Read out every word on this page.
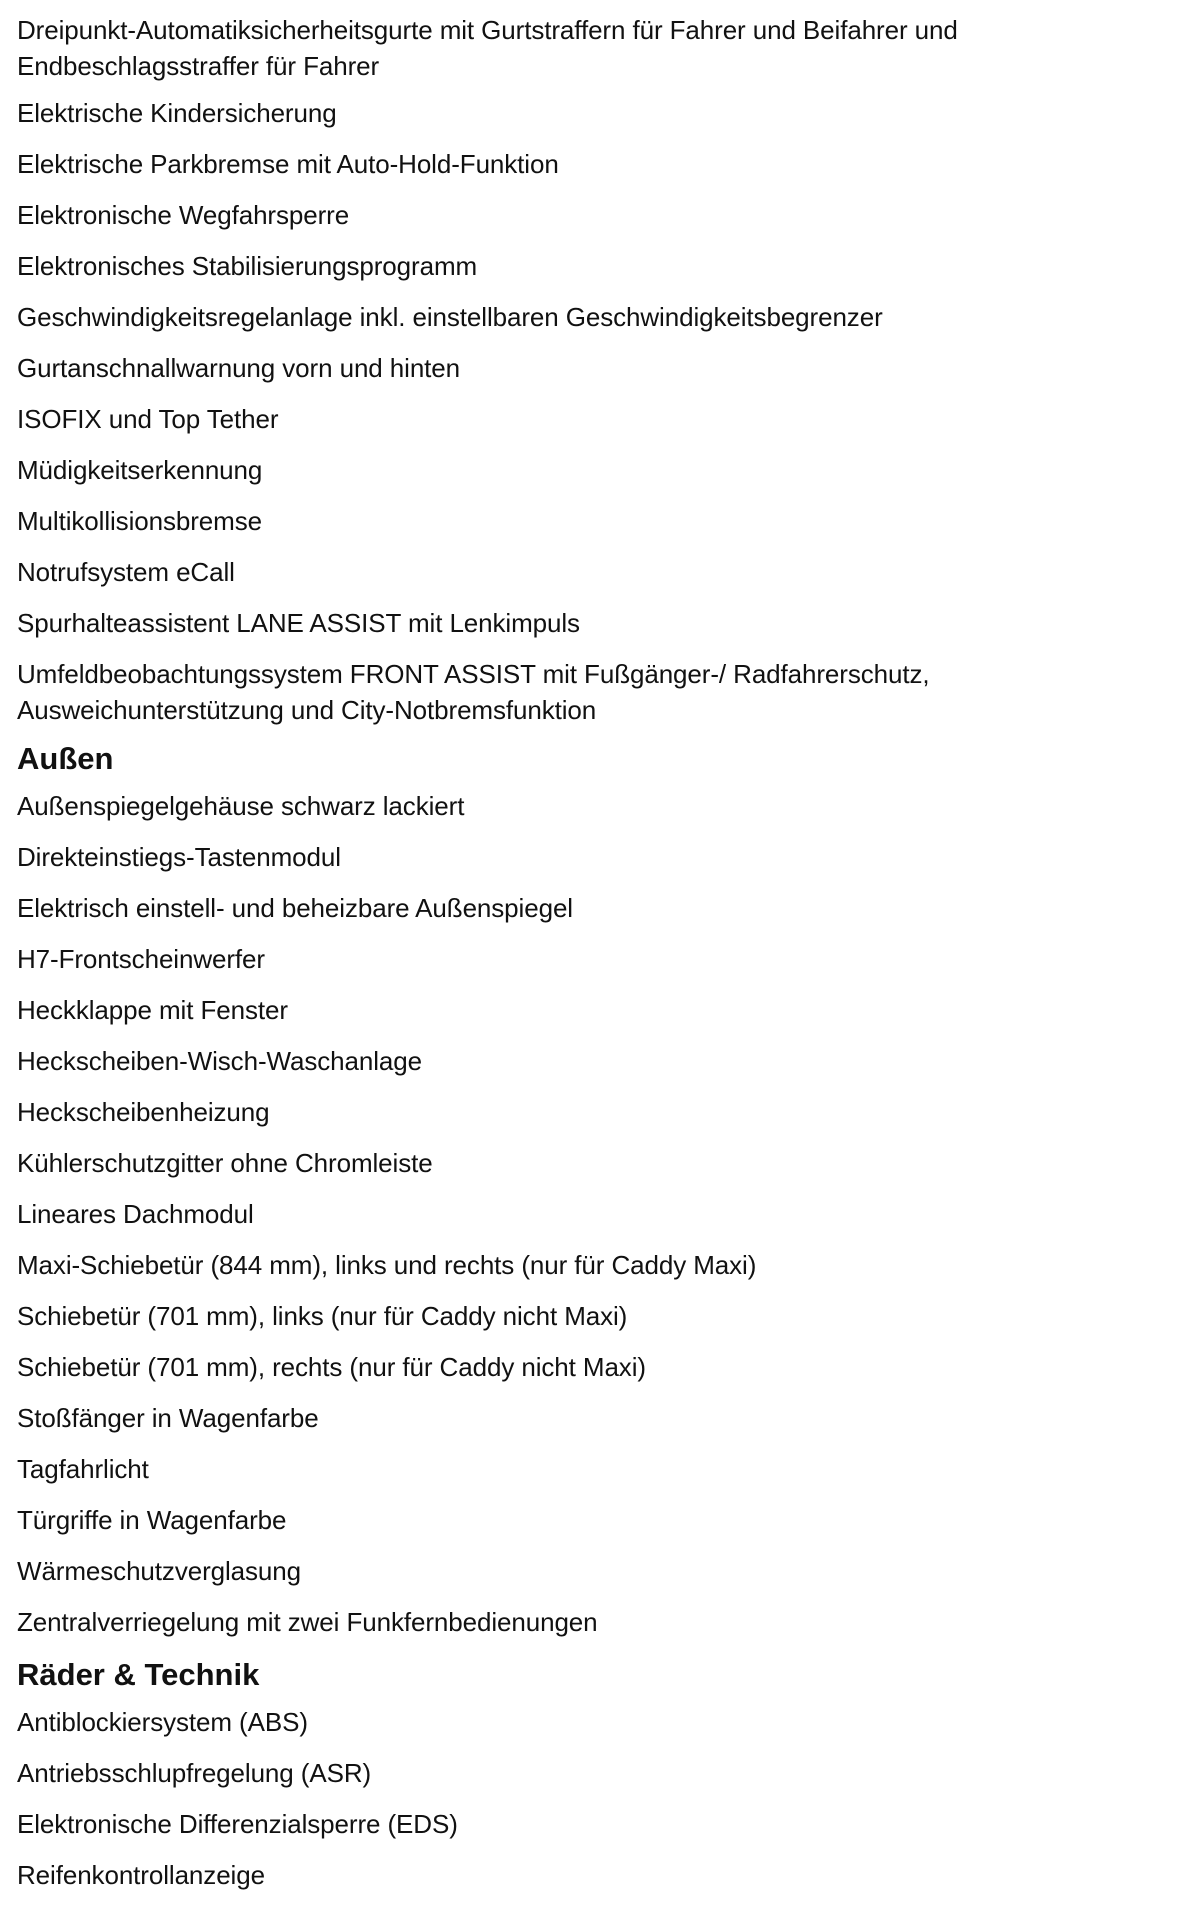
Dreipunkt-Automatiksicherheitsgurte mit Gurtstraffern für Fahrer und Beifahrer und Endbeschlagsstraffer für Fahrer
Elektrische Kindersicherung
Elektrische Parkbremse mit Auto-Hold-Funktion
Elektronische Wegfahrsperre
Elektronisches Stabilisierungsprogramm
Geschwindigkeitsregelanlage inkl. einstellbaren Geschwindigkeitsbegrenzer
Gurtanschnallwarnung vorn und hinten
ISOFIX und Top Tether
Müdigkeitserkennung
Multikollisionsbremse
Notrufsystem eCall
Spurhalteassistent LANE ASSIST mit Lenkimpuls
Umfeldbeobachtungssystem FRONT ASSIST mit Fußgänger-/ Radfahrerschutz, Ausweichunterstützung und City-Notbremsfunktion
Außen
Außenspiegelgehäuse schwarz lackiert
Direkteinstiegs-Tastenmodul
Elektrisch einstell- und beheizbare Außenspiegel
H7-Frontscheinwerfer
Heckklappe mit Fenster
Heckscheiben-Wisch-Waschanlage
Heckscheibenheizung
Kühlerschutzgitter ohne Chromleiste
Lineares Dachmodul
Maxi-Schiebetür (844 mm), links und rechts (nur für Caddy Maxi)
Schiebetür (701 mm), links (nur für Caddy nicht Maxi)
Schiebetür (701 mm), rechts (nur für Caddy nicht Maxi)
Stoßfänger in Wagenfarbe
Tagfahrlicht
Türgriffe in Wagenfarbe
Wärmeschutzverglasung
Zentralverriegelung mit zwei Funkfernbedienungen
Räder & Technik
Antiblockiersystem (ABS)
Antriebsschlupfregelung (ASR)
Elektronische Differenzialsperre (EDS)
Reifenkontrollanzeige
